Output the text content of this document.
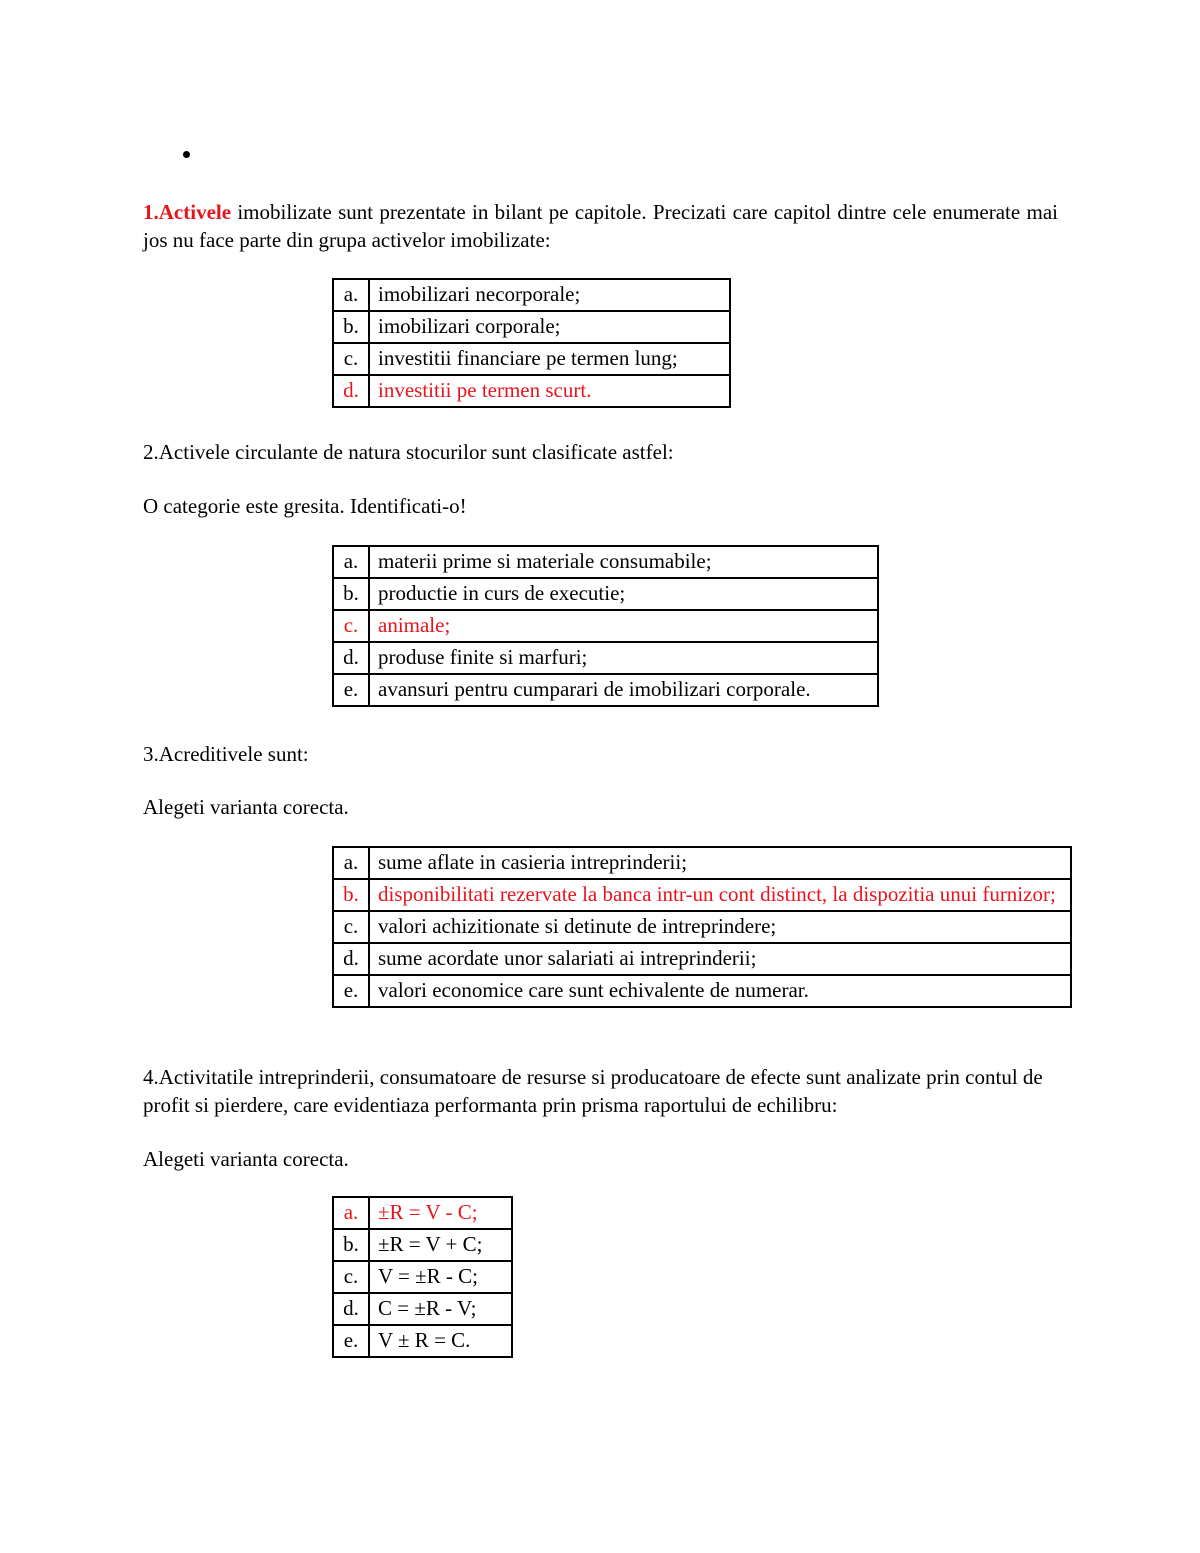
1.Activele imobilizate sunt prezentate in bilant pe capitole. Precizati care capitol dintre cele enumerate mai jos nu face parte din grupa activelor imobilizate:

a.	imobilizari necorporale;
b.	imobilizari corporale;
c.	investitii financiare pe termen lung;
d.	investitii pe termen scurt.

2.Activele circulante de natura stocurilor sunt clasificate astfel:

O categorie este gresita. Identificati-o!

a.	materii prime si materiale consumabile;
b.	productie in curs de executie;
c.	animale;
d.	produse finite si marfuri;
e.	avansuri pentru cumparari de imobilizari corporale.

3.Acreditivele sunt:

Alegeti varianta corecta.

a.	sume aflate in casieria intreprinderii;
b.	disponibilitati rezervate la banca intr-un cont distinct, la dispozitia unui furnizor;
c.	valori achizitionate si detinute de intreprindere;
d.	sume acordate unor salariati ai intreprinderii;
e.	valori economice care sunt echivalente de numerar.

4.Activitatile intreprinderii, consumatoare de resurse si producatoare de efecte sunt analizate prin contul de profit si pierdere, care evidentiaza performanta prin prisma raportului de echilibru:

Alegeti varianta corecta.

a.	±R = V - C;
b.	±R = V + C;
c.	V = ±R - C;
d.	C = ±R - V;
e.	V ± R = C.
